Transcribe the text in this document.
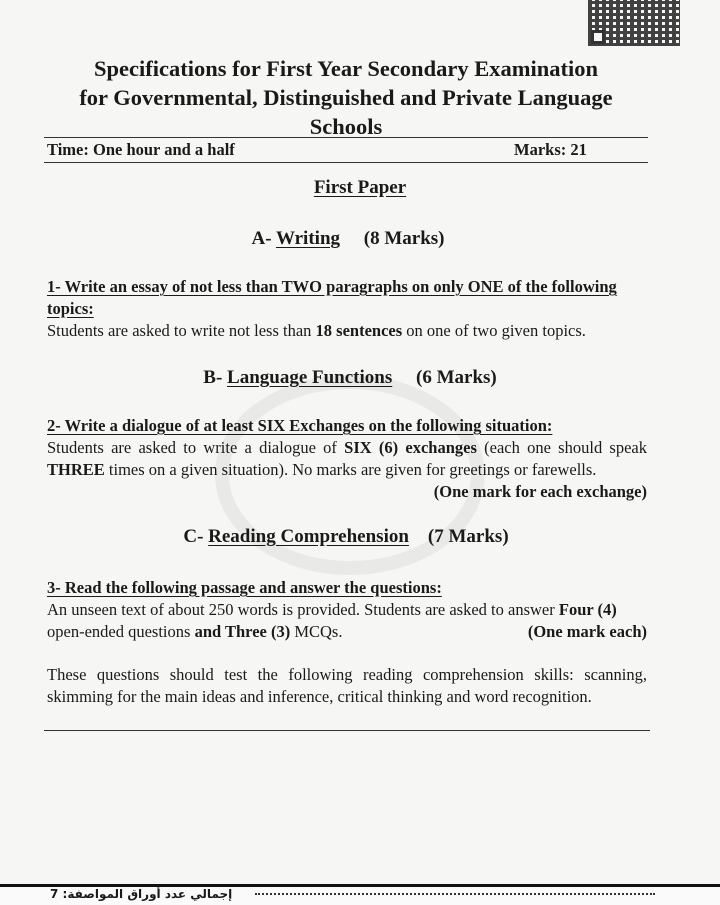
Specifications for First Year Secondary Examination
for Governmental, Distinguished and Private Language
Schools
Time: One hour and a half	Marks: 21
First Paper
A- Writing (8 Marks)
1- Write an essay of not less than TWO paragraphs on only ONE of the following topics:
Students are asked to write not less than 18 sentences on one of two given topics.
B- Language Functions (6 Marks)
2- Write a dialogue of at least SIX Exchanges on the following situation:
Students are asked to write a dialogue of SIX (6) exchanges (each one should speak THREE times on a given situation). No marks are given for greetings or farewells.
(One mark for each exchange)
C- Reading Comprehension (7 Marks)
3- Read the following passage and answer the questions:
An unseen text of about 250 words is provided. Students are asked to answer Four (4) open-ended questions and Three (3) MCQs.	(One mark each)
These questions should test the following reading comprehension skills: scanning, skimming for the main ideas and inference, critical thinking and word recognition.
إجمالي عدد أوراق المواصفة: 7
